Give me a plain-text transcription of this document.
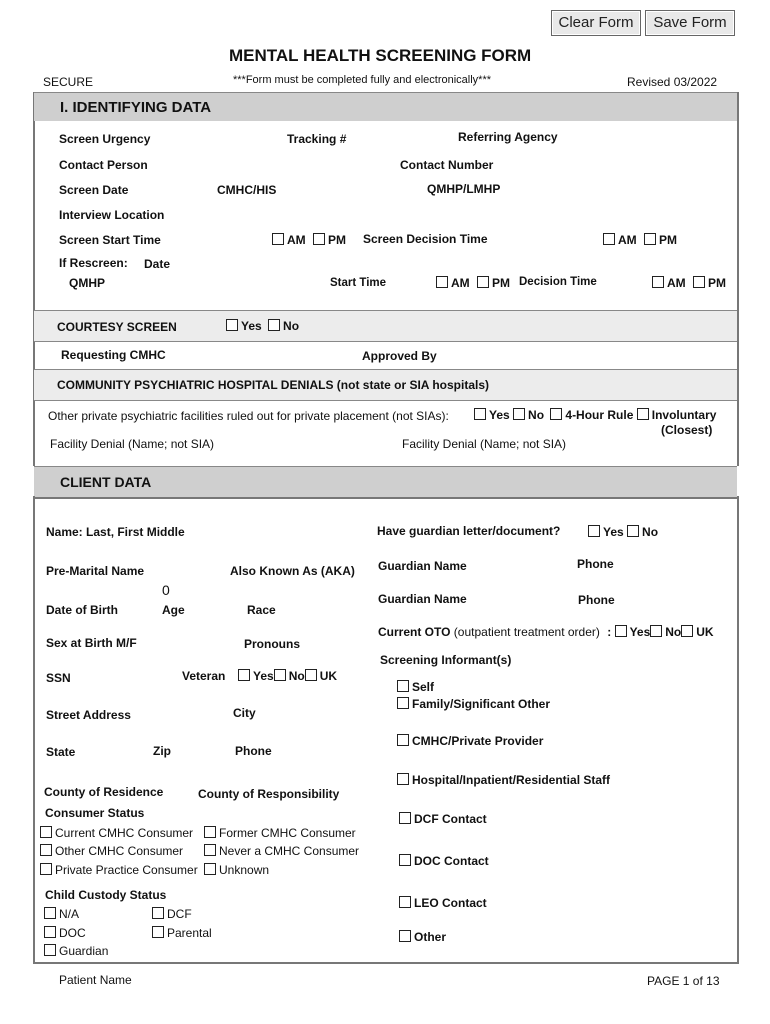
Clear Form	Save Form
MENTAL HEALTH SCREENING FORM
SECURE	***Form must be completed fully and electronically***	Revised 03/2022
I. IDENTIFYING DATA
Screen Urgency	Tracking #	Referring Agency
Contact Person	Contact Number
Screen Date	CMHC/HIS	QMHP/LMHP
Interview Location
Screen Start Time	AM PM Screen Decision Time	AM PM
If Rescreen: Date
QMHP	Start Time	AM PM Decision Time	AM PM
COURTESY SCREEN	Yes No
Requesting CMHC	Approved By
COMMUNITY PSYCHIATRIC HOSPITAL DENIALS (not state or SIA hospitals)
Other private psychiatric facilities ruled out for private placement (not SIAs):	Yes No 4-Hour Rule Involuntary
(Closest)
Facility Denial (Name; not SIA)	Facility Denial (Name; not SIA)
CLIENT DATA
Name: Last, First Middle
Pre-Marital Name	Also Known As (AKA)
0
Date of Birth	Age	Race
Sex at Birth M/F	Pronouns
SSN	Veteran	Yes No UK
Street Address	City
State	Zip	Phone
County of Residence	County of Responsibility
Consumer Status
Current CMHC Consumer	Former CMHC Consumer
Other CMHC Consumer	Never a CMHC Consumer
Private Practice Consumer	Unknown
Child Custody Status
N/A	DCF
DOC	Parental
Guardian
Have guardian letter/document?	Yes No
Guardian Name	Phone
Guardian Name	Phone
Current OTO (outpatient treatment order) : Yes No UK
Screening Informant(s)
Self
Family/Significant Other
CMHC/Private Provider
Hospital/Inpatient/Residential Staff
DCF Contact
DOC Contact
LEO Contact
Other
Patient Name	PAGE 1 of 13
